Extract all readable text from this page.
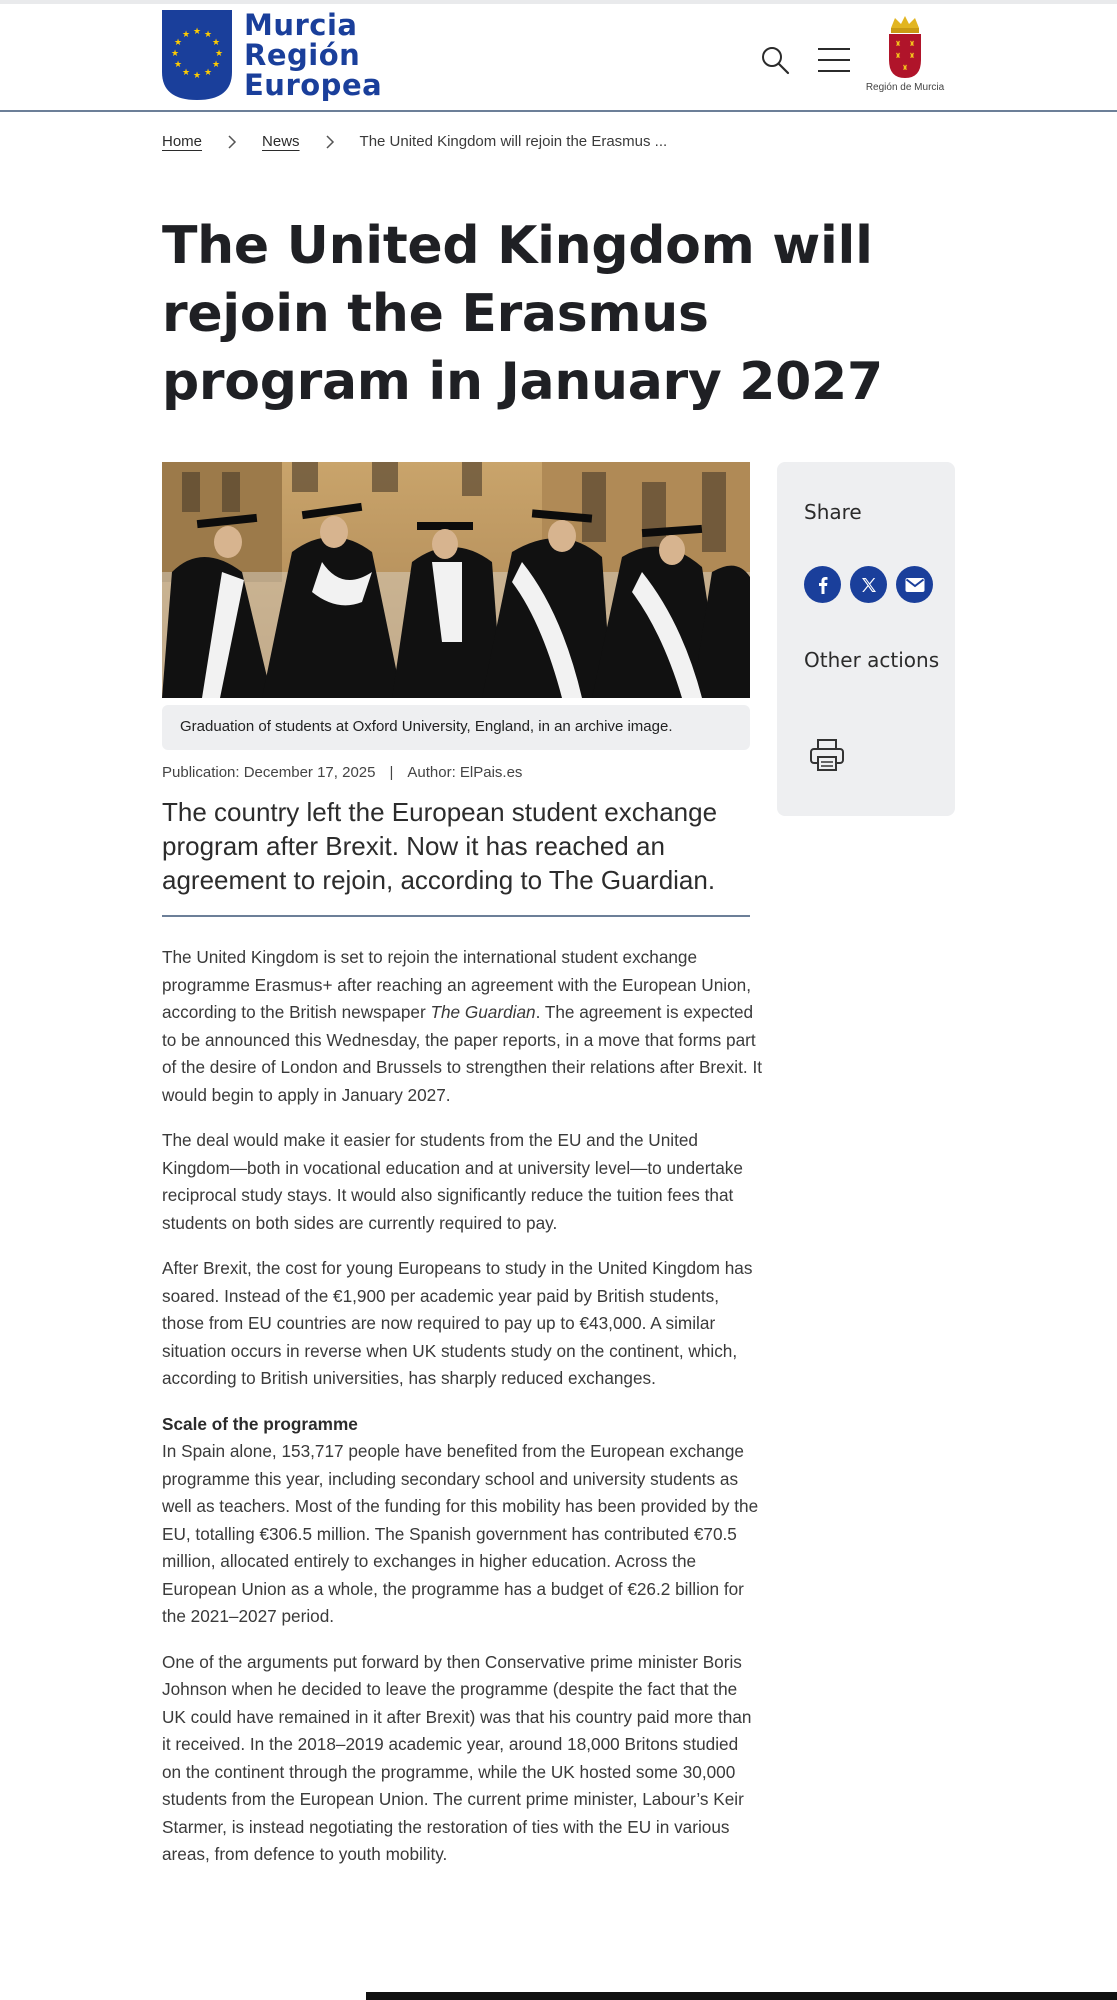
★ ★
★
★
★
★
★
★
★
★
★
★ Murcia
Región
Europea
♜ ♜
♜ ♜
♜
Región de Murcia
Home	News	The United Kingdom will rejoin the Erasmus ...
The United Kingdom will rejoin the Erasmus program in January 2027
Graduation of students at Oxford University, England, in an archive image.
Publication: December 17, 2025 | Author: ElPais.es
The country left the European student exchange program after Brexit. Now it has reached an agreement to rejoin, according to The Guardian.

The United Kingdom is set to rejoin the international student exchange programme Erasmus+ after reaching an agreement with the European Union, according to the British newspaper The Guardian. The agreement is expected to be announced this Wednesday, the paper reports, in a move that forms part of the desire of London and Brussels to strengthen their relations after Brexit. It would begin to apply in January 2027.

The deal would make it easier for students from the EU and the United Kingdom—both in vocational education and at university level—to undertake reciprocal study stays. It would also significantly reduce the tuition fees that students on both sides are currently required to pay.

After Brexit, the cost for young Europeans to study in the United Kingdom has soared. Instead of the €1,900 per academic year paid by British students, those from EU countries are now required to pay up to €43,000. A similar situation occurs in reverse when UK students study on the continent, which, according to British universities, has sharply reduced exchanges.

Scale of the programme

In Spain alone, 153,717 people have benefited from the European exchange programme this year, including secondary school and university students as well as teachers. Most of the funding for this mobility has been provided by the EU, totalling €306.5 million. The Spanish government has contributed €70.5 million, allocated entirely to exchanges in higher education. Across the European Union as a whole, the programme has a budget of €26.2 billion for the 2021–2027 period.

One of the arguments put forward by then Conservative prime minister Boris Johnson when he decided to leave the programme (despite the fact that the UK could have remained in it after Brexit) was that his country paid more than it received. In the 2018–2019 academic year, around 18,000 Britons studied on the continent through the programme, while the UK hosted some 30,000 students from the European Union. The current prime minister, Labour’s Keir Starmer, is instead negotiating the restoration of ties with the EU in various areas, from defence to youth mobility.

Share
Other actions
